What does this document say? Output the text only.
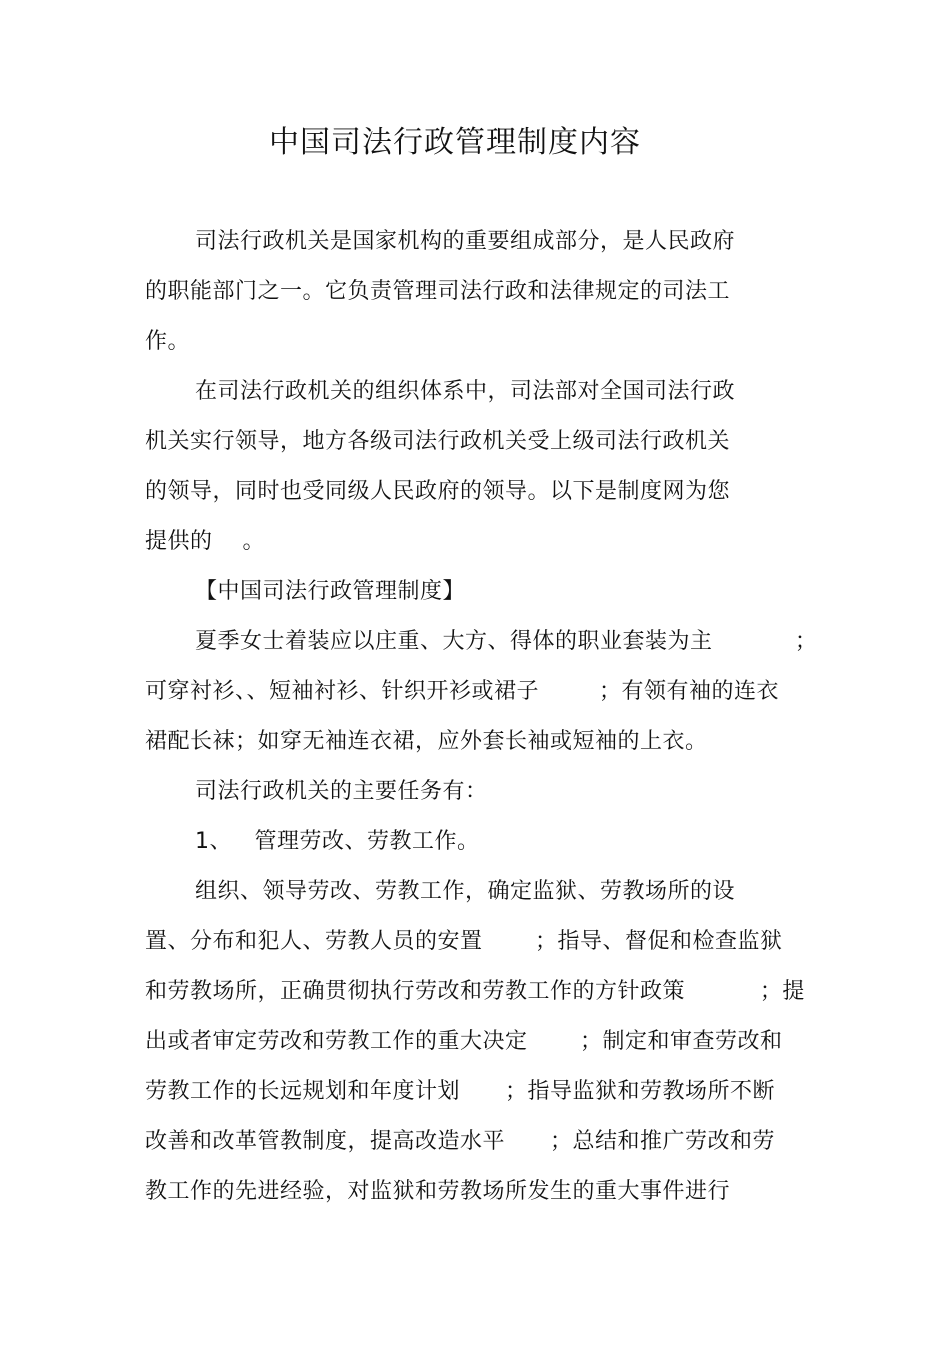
中国司法行政管理制度内容
司法行政机关是国家机构的重要组成部分，是人民政府
的职能部门之一。它负责管理司法行政和法律规定的司法工
作。
在司法行政机关的组织体系中，司法部对全国司法行政
机关实行领导，地方各级司法行政机关受上级司法行政机关
的领导，同时也受同级人民政府的领导。以下是制度网为您
提供的    。
【中国司法行政管理制度】
夏季女士着装应以庄重、大方、得体的职业套装为主           ；
可穿衬衫、、短袖衬衫、针织开衫或裙子        ；有领有袖的连衣
裙配长袜；如穿无袖连衣裙，应外套长袖或短袖的上衣。
司法行政机关的主要任务有：
1、   管理劳改、劳教工作。
组织、领导劳改、劳教工作，确定监狱、劳教场所的设
置、分布和犯人、劳教人员的安置       ；指导、督促和检查监狱
和劳教场所，正确贯彻执行劳改和劳教工作的方针政策          ；提
出或者审定劳改和劳教工作的重大决定       ；制定和审查劳改和
劳教工作的长远规划和年度计划      ；指导监狱和劳教场所不断
改善和改革管教制度，提高改造水平      ；总结和推广劳改和劳
教工作的先进经验，对监狱和劳教场所发生的重大事件进行
